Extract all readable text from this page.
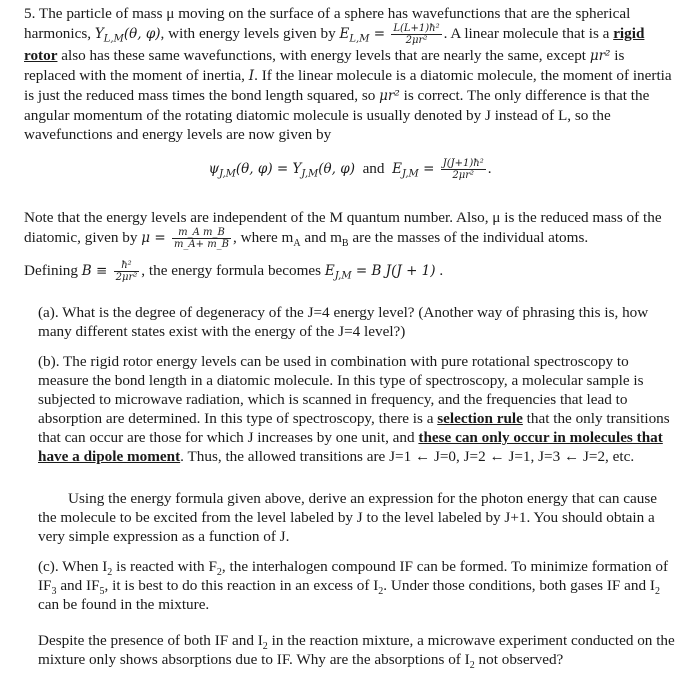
5. The particle of mass μ moving on the surface of a sphere has wavefunctions that are the spherical harmonics, $Y_{L,M}(\theta$, φ), with energy levels given by $E_{L,M} = \frac{\text{L(L+1)ħ²}}{\text{2μr²}}$ . A linear molecule that is a rigid rotor also has these same wavefunctions, with energy levels that are nearly the same, except μr² is replaced with the moment of inertia, I. If the linear molecule is a diatomic molecule, the moment of inertia is just the reduced mass times the bond length squared, so μr² is correct. The only difference is that the angular momentum of the rotating diatomic molecule is usually denoted by J instead of L, so the wavefunctions and energy levels are now given by

$\psi_{J,M}(\theta$, $\varphi) = Y_{J,M}(\theta$, φ) and $E_{J,M} = \frac{\text{J(J+1)ħ²}}{\text{2μr²}}$ .

Note that the energy levels are independent of the M quantum number. Also, μ is the reduced mass of the diatomic, given by $\mu = \frac{\text{m\_A m\_B}}{m\_A+ m\_B}$ , where $m_A$ and $m_B$ are the masses of the individual atoms.

Defining $B \equiv \frac{\text{ħ²}}{\text{2μr²}}$ , the energy formula becomes $E_{J,M} = B$ J(J + 1) .

(a). What is the degree of degeneracy of the J=4 energy level? (Another way of phrasing this is, how many different states exist with the energy of the J=4 level?)

(b). The rigid rotor energy levels can be used in combination with pure rotational spectroscopy to measure the bond length in a diatomic molecule. In this type of spectroscopy, a molecular sample is subjected to microwave radiation, which is scanned in frequency, and the frequencies that lead to absorption are determined. In this type of spectroscopy, there is a selection rule that the only transitions that can occur are those for which J increases by one unit, and these can only occur in molecules that have a dipole moment. Thus, the allowed transitions are J=1 ← J=0, J=2 ← J=1, J=3 ← J=2, etc.

Using the energy formula given above, derive an expression for the photon energy that can cause the molecule to be excited from the level labeled by J to the level labeled by J+1. You should obtain a very simple expression as a function of J.

(c). When $I_2$ is reacted with $F_2$, the interhalogen compound IF can be formed. To minimize formation of $IF_3$ and $IF_5$, it is best to do this reaction in an excess of $I_2$. Under those conditions, both gases IF and $I_2$ can be found in the mixture.

Despite the presence of both IF and $I_2$ in the reaction mixture, a microwave experiment conducted on the mixture only shows absorptions due to IF. Why are the absorptions of $I_2$ not observed?
